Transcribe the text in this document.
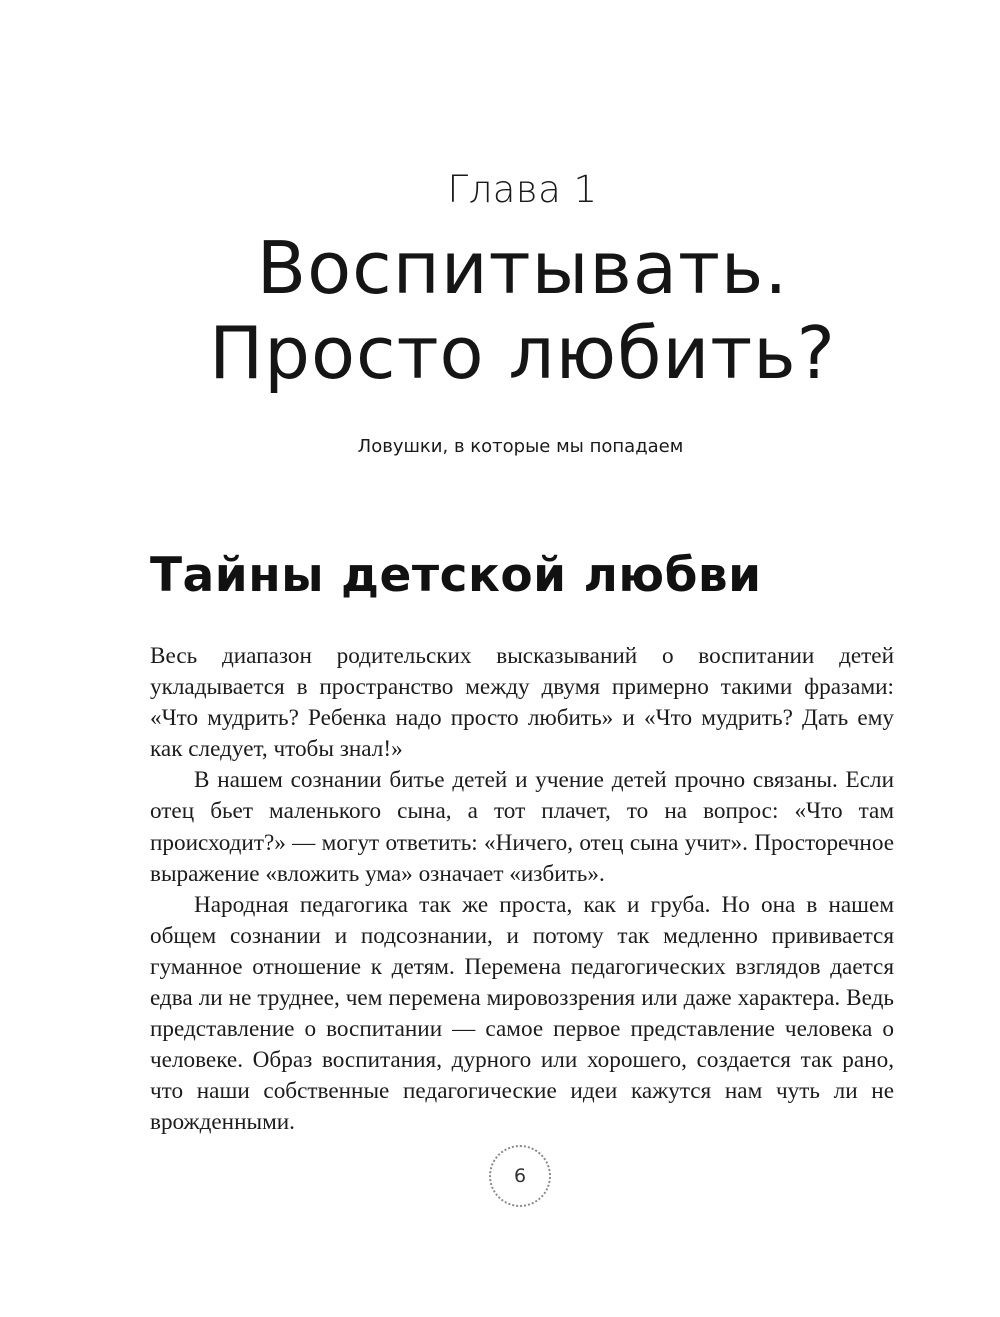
Глава 1
Воспитывать.
Просто любить?
Ловушки, в которые мы попадаем
Тайны детской любви

Весь диапазон родительских высказываний о воспитании детей укладывается в пространство между двумя примерно такими фразами: «Что мудрить? Ребенка надо просто любить» и «Что мудрить? Дать ему как следует, чтобы знал!»

В нашем сознании битье детей и учение детей прочно связаны. Если отец бьет маленького сына, а тот плачет, то на вопрос: «Что там происходит?» — могут ответить: «Ничего, отец сына учит». Просторечное выражение «вложить ума» означает «избить».

Народная педагогика так же проста, как и груба. Но она в нашем общем сознании и подсознании, и потому так медленно прививается гуманное отношение к детям. Перемена педагогических взглядов дается едва ли не труднее, чем перемена мировоззрения или даже характера. Ведь представление о воспитании — самое первое представление человека о человеке. Образ воспитания, дурного или хорошего, создается так рано, что наши собственные педагогические идеи кажутся нам чуть ли не врожденными.

6
